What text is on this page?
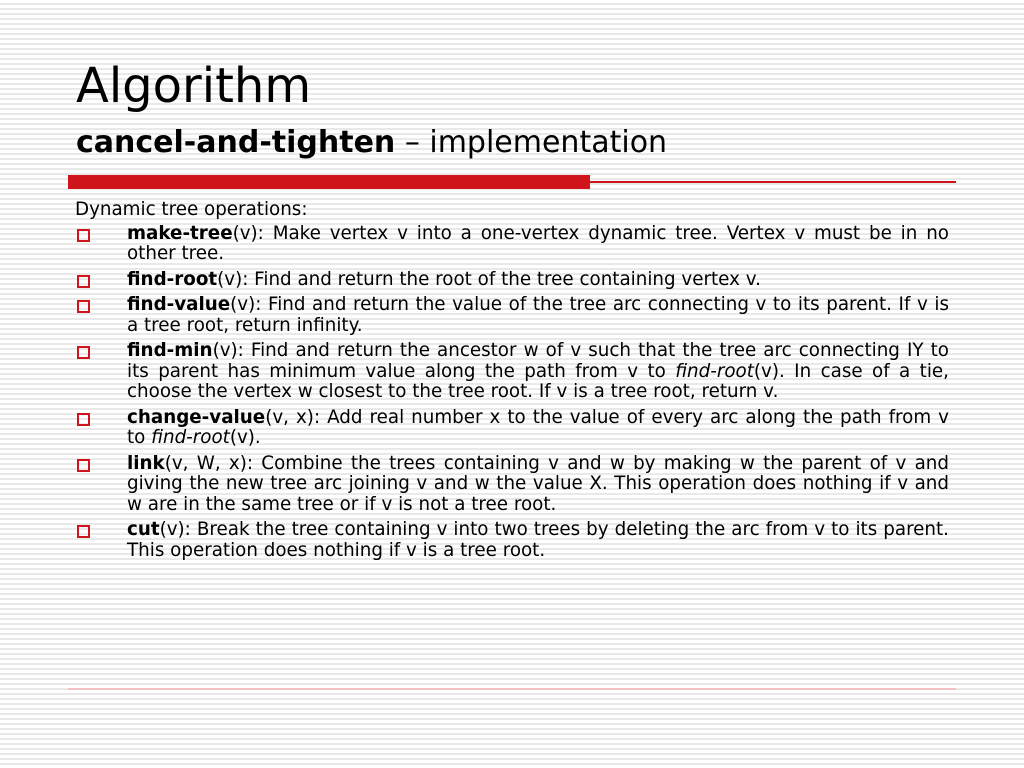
Algorithm
cancel-and-tighten – implementation
Dynamic tree operations:
make-tree(v): Make vertex v into a one-vertex dynamic tree. Vertex v must be in no other tree.
find-root(v): Find and return the root of the tree containing vertex v.
find-value(v): Find and return the value of the tree arc connecting v to its parent. If v is a tree root, return infinity.
find-min(v): Find and return the ancestor w of v such that the tree arc connecting IY to its parent has minimum value along the path from v to find-root(v). In case of a tie, choose the vertex w closest to the tree root. If v is a tree root, return v.
change-value(v, x): Add real number x to the value of every arc along the path from v to find-root(v).
link(v, W, x): Combine the trees containing v and w by making w the parent of v and giving the new tree arc joining v and w the value X. This operation does nothing if v and w are in the same tree or if v is not a tree root.
cut(v): Break the tree containing v into two trees by deleting the arc from v to its parent. This operation does nothing if v is a tree root.
